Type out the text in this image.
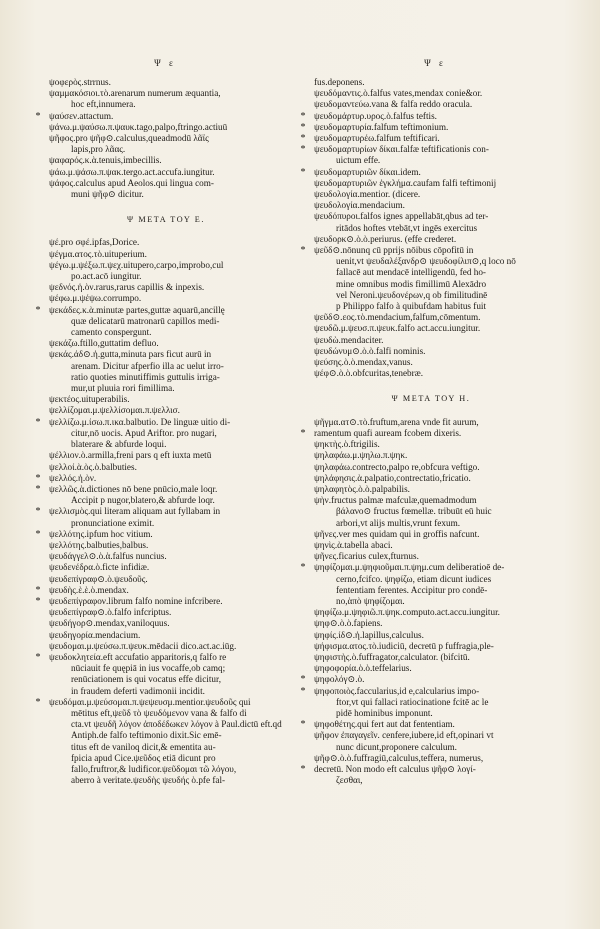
Ψ ε
ψοφερὸς.strrnus.
ψαμμακόσιοι.τὸ.arenarum numerum æquantia,
hoc eft,innumera.
* ψαύσεν.attactum.
ψάνω.μ.ψαύσω.π.ψαυκ.tago,palpo,ftringo.actiuū
ψῆφος.pro ψῆφ⊙.calculus,queadmodū λᾶϊς
lapis,pro λᾶας.
ψαφαρός.κ.ὰ.tenuis,imbecillis.
ψάω.μ.ψάσω.π.ψακ.tergo.act.accufa.iungitur.
ψάφος.calculus apud Aeolos.qui lingua com-
muni ψῆφ⊙ dicitur.
Ψ ΜΕΤΑ ΤΟΥ Ε.
ψέ.pro σφέ.ipfas,Dorice.
ψέγμα.ατος.τὸ.uituperium.
ψέγω.μ.ψέξω.π.ψεχ.uitupero,carpo,improbo,cul
po.act.acō iungitur.
ψεδνός.ἡ.ὸν.rarus,rarus capillis & inpexis.
ψέφω.μ.ψέψω.corrumpo.
* ψεκάδες.κ.ὰ.minutæ partes,guttæ aquarū,ancillę
quæ delicatarū matronarū capillos medi-
camento conspergunt.
ψεκάζω.ftillo,guttatim defluo.
ψεκάς.άδ⊙.ἡ.gutta,minuta pars ficut aurū in
arenam. Dicitur afperfio illa ac uelut irro-
ratio quoties minutiffimis guttulis irriga-
mur,ut pluuia rori fimillima.
ψεκτέος.uituperabilis.
ψελλίζομαι.μ.ψελλίσομαι.π.ψελλισ.
* ψελλίζω.μ.ίσω.π.ικα.balbutio. De linguæ uitio di-
citur,nō uocis. Apud Ariftor. pro nugari,
blaterare & abfurde loqui.
ψέλλιον.ὸ.armilla,freni pars q eft iuxta metū
ψελλοί.ὰ.ὸς.ὸ.balbuties.
* ψελλός.ἡ.ὸν.
* ψελλῶς.ὰ.dictiones nō bene pnūcio,male loqr.
Accipit p nugor,blatero,& abfurde loqr.
* ψελλισμὸς.qui literam aliquam aut fyllabam in
pronunciatione eximit.
* ψελλότης.ipfum hoc vitium.
ψελλότης.balbuties,balbus.
ψευδάγγελ⊙.ὸ.ὰ.falfus nuncius.
ψευδενέδρα.ὸ.ficte infidiæ.
ψευδεπίγραφ⊙.ὸ.ψευδοῦς.
* ψευδὴς.ὲ.ὲ.ὸ.mendax.
* ψευδεπίγραφον.librum falfo nomine infcribere.
ψευδεπίγραφ⊙.ὸ.falfo infcriptus.
ψευδήγορ⊙.mendax,vaniloquus.
ψευδηγορία.mendacium.
ψευδομαι.μ.ψεύσω.π.ψευκ.mēdacii dico.act.ac.iūg.
* ψευδοκλητεία.eft accufatio apparitoris,q falfo re
nūciauit fe quępiā in ius vocaffe,ob camq;
renūciationem is qui vocatus effe dicitur,
in fraudem deferti vadimonii incidit.
* ψευδόμαι.μ.ψεύσομαι.π.ψεψευσμ.mentior.ψευδοῦς qui
mētitus eft,ψεῦδ τὸ ψευδόμενον vana & falfo di
cta.vt ψευδῆ λόγον ἀποδέδωκεν λόγον à Paul.dictū eft.qd
Antiph.de falfo teftimonio dixit.Sic emē-
titus eft de vaniloq dicit,& ementita au-
fpicia apud Cice.ψεῦδος etiā dicunt pro
fallo,fruftror,& ludificor.ψεῦδομαι τῶ λόγου,
aberro à veritate.ψευδὴς ψευδής ὸ.pfe fal-
Ψ ε
fus.deponens.
ψευδόμαντις.ὸ.falfus vates,mendax conie&or.
ψευδομαντεύω.vana & falfa reddo oracula.
* ψευδομάρτυρ.υρος.ὸ.falfus teftis.
* ψευδομαρτυρία.falfum teftimonium.
* ψευδομαρτυρέω.falfum teftificari.
* ψευδομαρτυρίων δίκαι.falfæ teftificationis con-
uictum effe.
* ψευδομαρτυριῶν δίκαι.idem.
ψευδομαρτυριῶν ἐγκλήμα.caufam falfi teftimonij
ψευδολογία.mentior. (dicere.
ψευδολογία.mendacium.
ψευδόπυροι.falfos ignes appellabāt,qbus ad ter-
ritādos hoftes vtebāt,vt ingēs exercitus
ψευδορκ⊙.ὸ.ὸ.periurus. (effe crederet.
* ψεῦδ⊙.nōnunq cū pprijs nōibus cōpofitū in
uenit,vt ψευδαλέξανδρ⊙ ψευδοφίλιπ⊙,q loco nō
fallacē aut mendacē intelligendū, fed ho-
mine omnibus modis fimillimū Alexādro
vel Neroni.ψευδονέρων,q ob fimilitudinē
p Philippo falfo à quibufdam habitus fuit
ψεῦδ⊙.εος.τὸ.mendacium,falfum,cōmentum.
ψευδῶ.μ.ψευσ.π.ψευκ.falfo act.accu.iungitur.
ψευδὼ.mendaciter.
ψευδώνυμ⊙.ὸ.ὸ.falfi nominis.
ψεύσης.ὸ.ὸ.mendax,vanus.
ψέφ⊙.ὸ.ὸ.obfcuritas,tenebræ.
Ψ ΜΕΤΑ ΤΟΥ Η.
ψῆγμα.ατ⊙.τὸ.fruftum,arena vnde fit aurum,
* ramentum quafi auream fcobem dixeris.
ψηκτὴς.ὸ.ftrigilis.
ψηλαφάω.μ.ψηλω.π.ψηκ.
ψηλαφάω.contrecto,palpo re,obfcura veftigo.
ψηλάφησις.ὰ.palpatio,contrectatio,fricatio.
ψηλαφητὸς.ὸ.ὸ.palpabilis.
ψὴν.fructus palmæ mafculæ,quemadmodum
βάλανο⊙ fructus fœmellæ. tribuūt eū huic
arbori,vt alijs multis,vrunt fexum.
ψῆνες.ver mes quidam qui in groffis nafcunt.
ψηνὶς.ὰ.tabella abaci.
ψῆνες.ficarius culex,fturnus.
* ψηφίζομαι.μ.ψηφιοῦμαι.π.ψημ.cum deliberatioē de-
cerno,fcifco. ψηφίζω, etiam dicunt iudices
fententiam ferentes. Accipitur pro condē-
no,ὰπὸ ψηφίζομαι.
ψηφίζω.μ.ψηφιῶ.π.ψηκ.computo.act.accu.iungitur.
ψηφ⊙.ὸ.ὸ.fapiens.
ψηφίς.ίδ⊙.ἡ.lapillus,calculus.
ψήφισμα.ατος.τὸ.iudiciū, decretū p fuffragia,ple-
ψηφιστὴς.ὸ.fuffragator,calculator. (bifcitū.
ψηφοφορία.ὸ.ὸ.teffelarius.
* ψηφολόγ⊙.ὸ.
* ψηφοποιὸς.faccularius,id e,calcularius impo-
ftor,vt qui fallaci ratiocinatione fcitē ac le
pidē hominibus imponunt.
* ψηφοθέτης.qui fert aut dat fententiam.
ψῆφον ἐπαγαγεῖν. cenfere,iubere,id eft,opinari vt
nunc dicunt,proponere calculum.
ψῆφ⊙.ὸ.ὸ.fuffragiū,calculus,teffera, numerus,
* decretū. Non modo eft calculus ψῆφ⊙ λογί-
ζεσθαι,
